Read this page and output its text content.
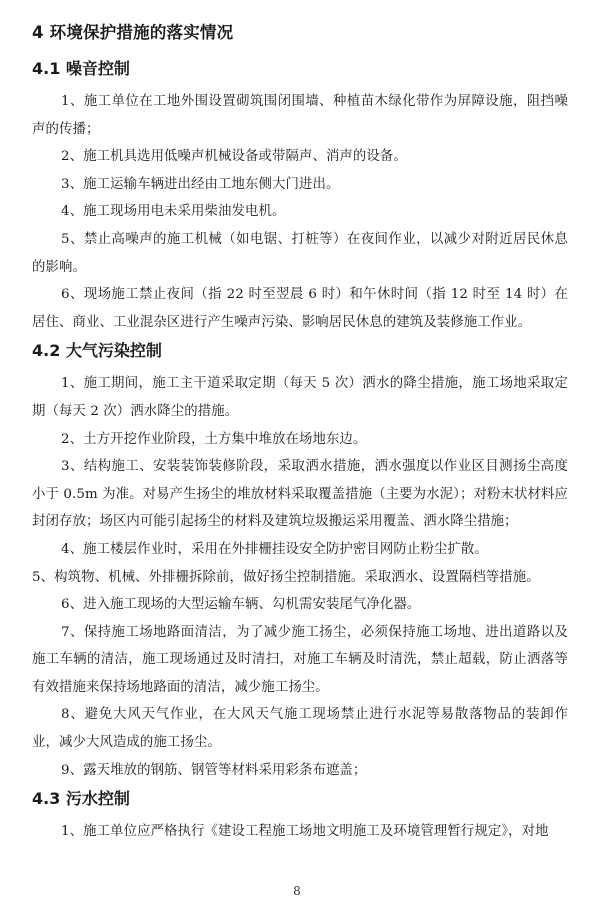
4 环境保护措施的落实情况
4.1 噪音控制

1、施工单位在工地外围设置砌筑围闭围墙、种植苗木绿化带作为屏障设施，阻挡噪声的传播；

2、施工机具选用低噪声机械设备或带隔声、消声的设备。

3、施工运输车辆进出经由工地东侧大门进出。

4、施工现场用电未采用柴油发电机。

5、禁止高噪声的施工机械（如电锯、打桩等）在夜间作业，以减少对附近居民休息的影响。

6、现场施工禁止夜间（指 22 时至翌晨 6 时）和午休时间（指 12 时至 14 时）在居住、商业、工业混杂区进行产生噪声污染、影响居民休息的建筑及装修施工作业。

4.2 大气污染控制

1、施工期间，施工主干道采取定期（每天 5 次）洒水的降尘措施，施工场地采取定期（每天 2 次）洒水降尘的措施。

2、土方开挖作业阶段，土方集中堆放在场地东边。

3、结构施工、安装装饰装修阶段，采取洒水措施，洒水强度以作业区目测扬尘高度小于 0.5m 为准。对易产生扬尘的堆放材料采取覆盖措施（主要为水泥）；对粉末状材料应封闭存放；场区内可能引起扬尘的材料及建筑垃圾搬运采用覆盖、洒水降尘措施；

4、施工楼层作业时，采用在外排栅挂设安全防护密目网防止粉尘扩散。

5、构筑物、机械、外排栅拆除前，做好扬尘控制措施。采取洒水、设置隔档等措施。

6、进入施工现场的大型运输车辆、勾机需安装尾气净化器。

7、保持施工场地路面清洁，为了减少施工扬尘，必须保持施工场地、进出道路以及施工车辆的清洁，施工现场通过及时清扫，对施工车辆及时清洗，禁止超载，防止洒落等有效措施来保持场地路面的清洁，减少施工扬尘。

8、避免大风天气作业，在大风天气施工现场禁止进行水泥等易散落物品的装卸作业，减少大风造成的施工扬尘。

9、露天堆放的钢筋、钢管等材料采用彩条布遮盖；

4.3 污水控制

1、施工单位应严格执行《建设工程施工场地文明施工及环境管理暂行规定》，对地

8
